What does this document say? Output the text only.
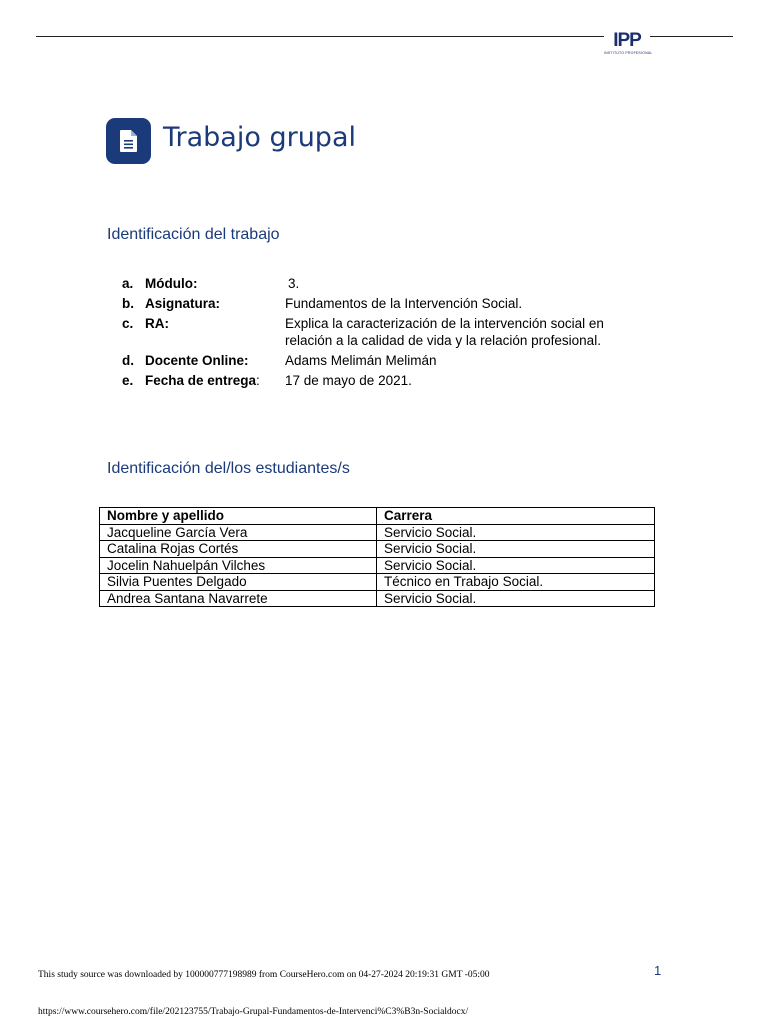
IPP
INSTITUTO PROFESIONAL
Trabajo grupal
Identificación del trabajo
a. Módulo:	3.
b. Asignatura:	Fundamentos de la Intervención Social.
c. RA:	Explica la caracterización de la intervención social en relación a la calidad de vida y la relación profesional.
d. Docente Online:	Adams Melimán Melimán
e. Fecha de entrega:	17 de mayo de 2021.
Identificación del/los estudiantes/s
Nombre y apellido	Carrera
Jacqueline García Vera	Servicio Social.
Catalina Rojas Cortés	Servicio Social.
Jocelin Nahuelpán Vilches	Servicio Social.
Silvia Puentes Delgado	Técnico en Trabajo Social.
Andrea Santana Navarrete	Servicio Social.
1
This study source was downloaded by 100000777198989 from CourseHero.com on 04-27-2024 20:19:31 GMT -05:00
https://www.coursehero.com/file/202123755/Trabajo-Grupal-Fundamentos-de-Intervenci%C3%B3n-Socialdocx/
